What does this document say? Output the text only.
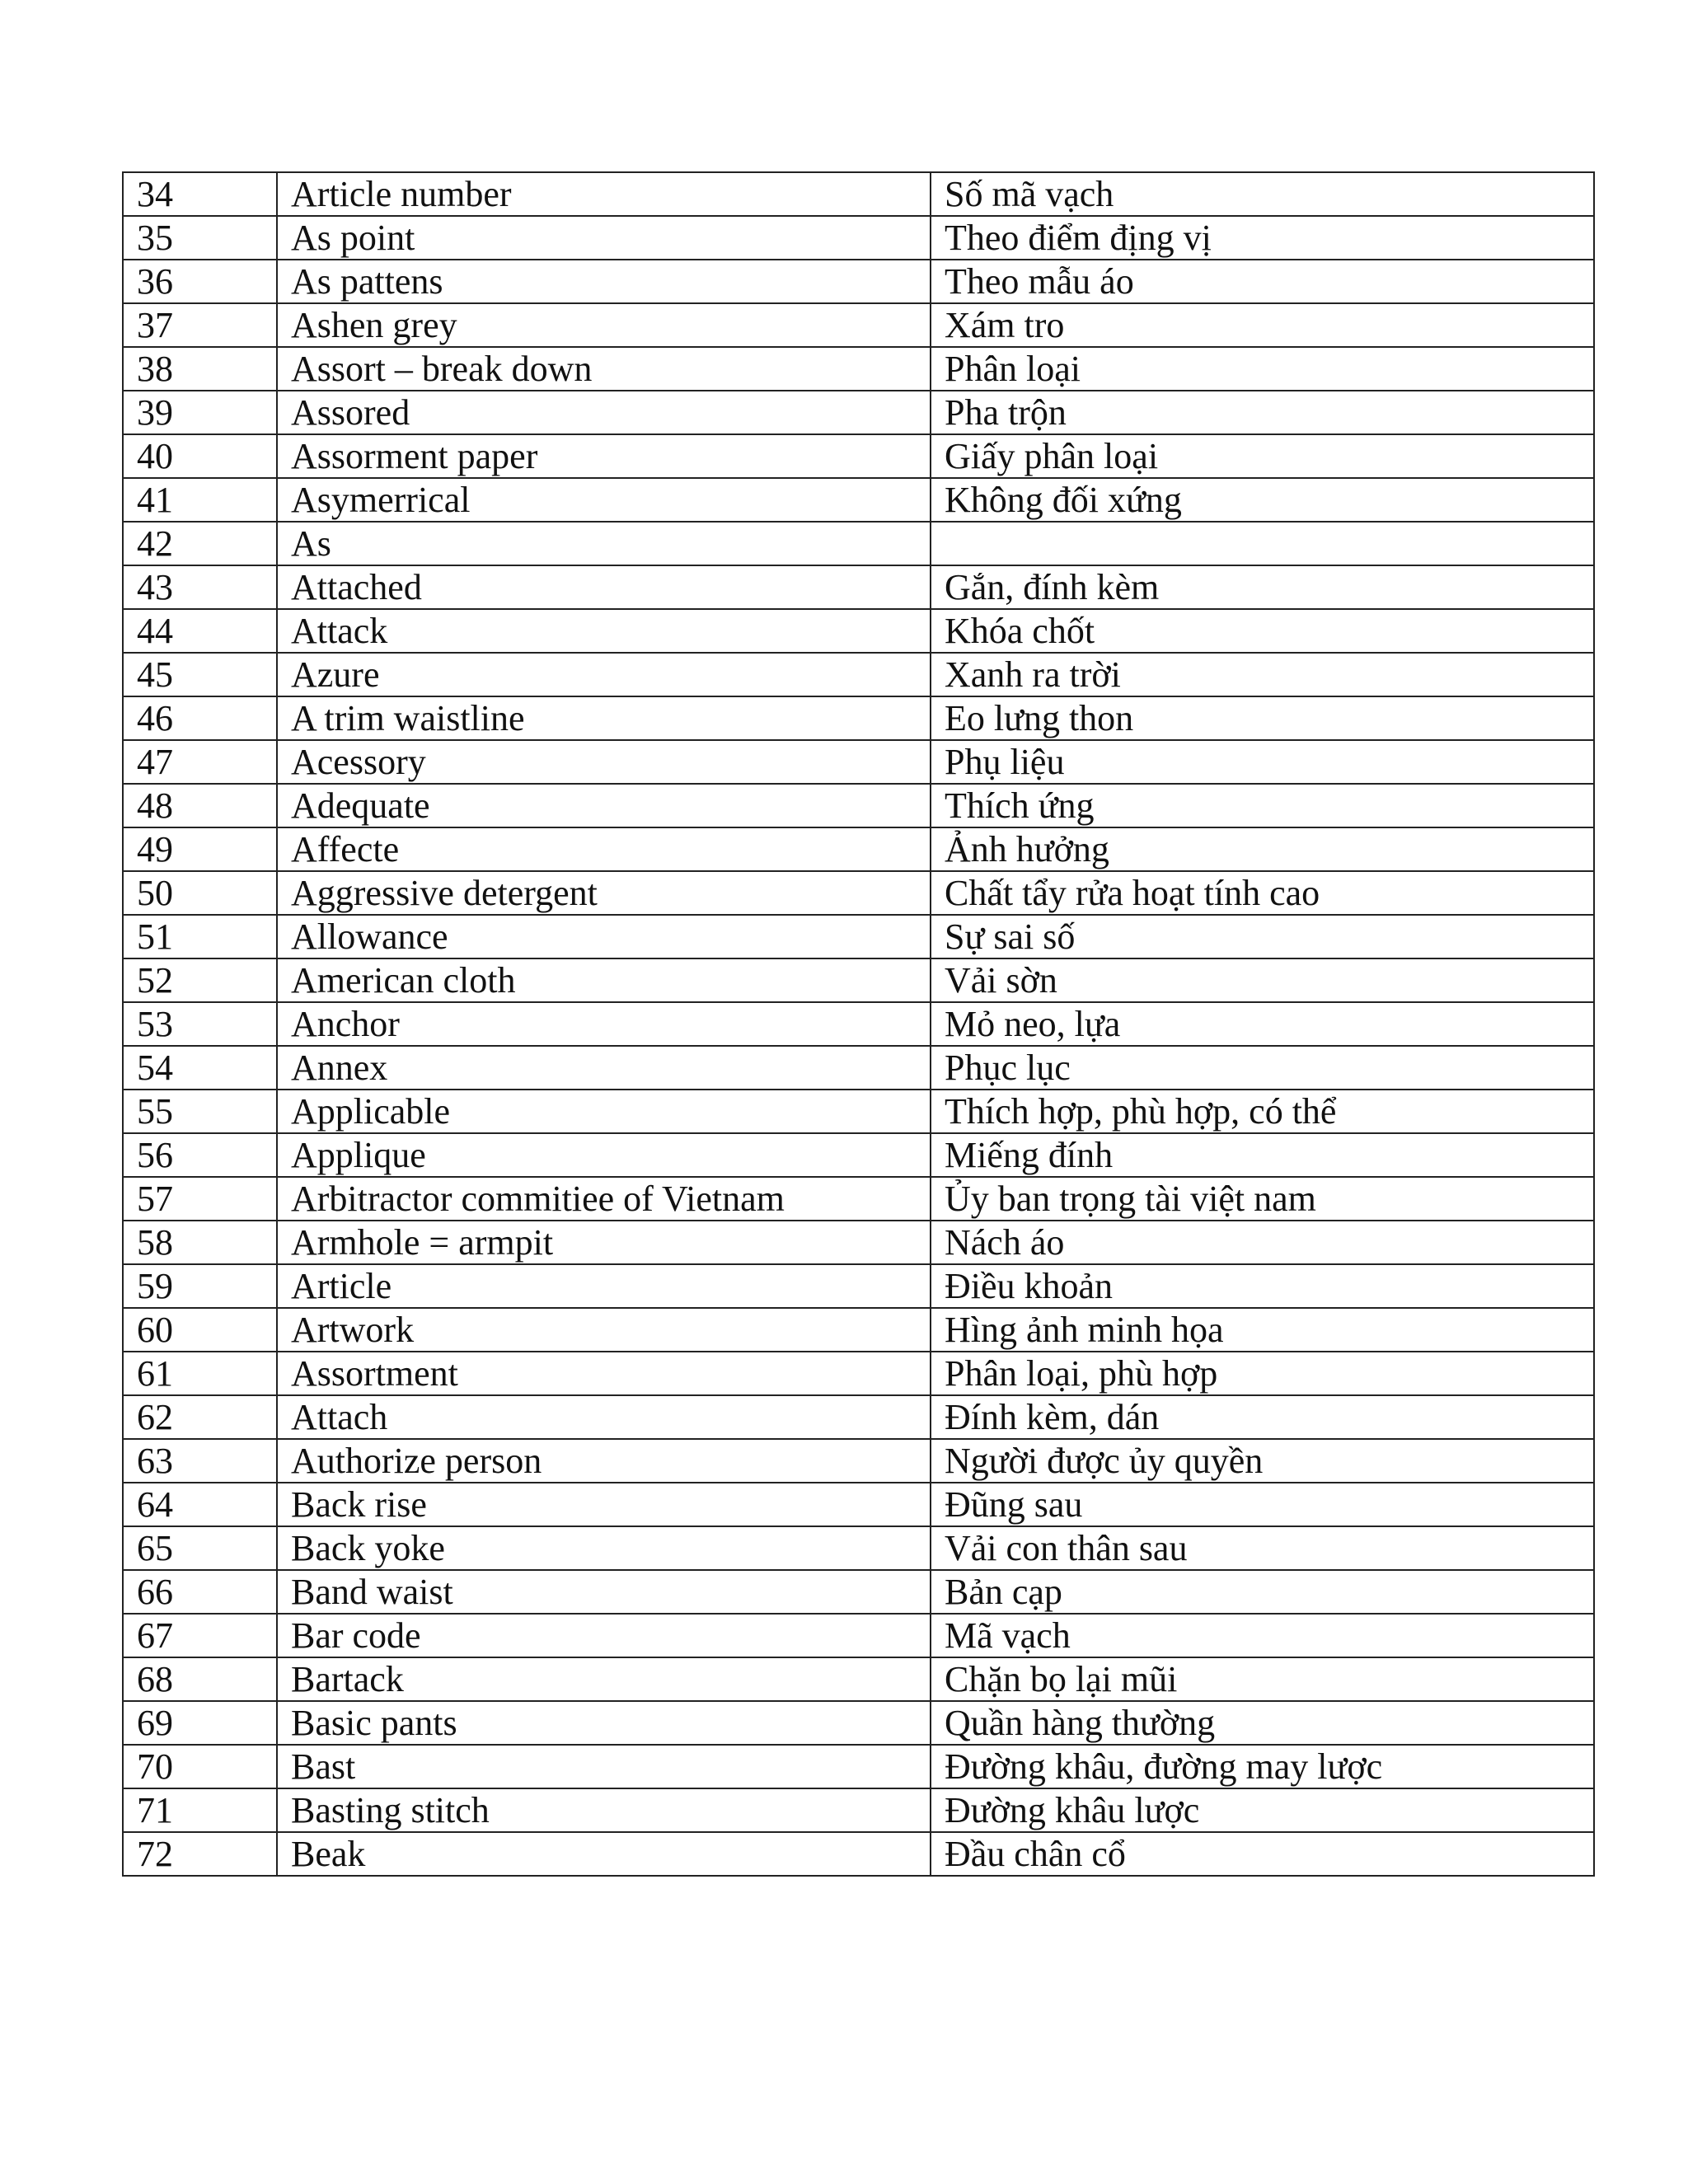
34	Article number	Số mã vạch
35	As point	Theo điểm địng vị
36	As pattens	Theo mẫu áo
37	Ashen grey	Xám tro
38	Assort – break down	Phân loại
39	Assored	Pha trộn
40	Assorment paper	Giấy phân loại
41	Asymerrical	Không đối xứng
42	As	
43	Attached	Gắn, đính kèm
44	Attack	Khóa chốt
45	Azure	Xanh ra trời
46	A trim waistline	Eo lưng thon
47	Acessory	Phụ liệu
48	Adequate	Thích ứng
49	Affecte	Ảnh hưởng
50	Aggressive detergent	Chất tẩy rửa hoạt tính cao
51	Allowance	Sự sai số
52	American cloth	Vải sờn
53	Anchor	Mỏ neo, lựa
54	Annex	Phục lục
55	Applicable	Thích hợp, phù hợp, có thể
56	Applique	Miếng đính
57	Arbitractor commitiee of Vietnam	Ủy ban trọng tài việt nam
58	Armhole = armpit	Nách áo
59	Article	Điều khoản
60	Artwork	Hìng ảnh minh họa
61	Assortment	Phân loại, phù hợp
62	Attach	Đính kèm, dán
63	Authorize person	Người được ủy quyền
64	Back rise	Đũng sau
65	Back yoke	Vải con thân sau
66	Band waist	Bản cạp
67	Bar code	Mã vạch
68	Bartack	Chặn bọ lại mũi
69	Basic pants	Quần hàng thường
70	Bast	Đường khâu, đường may lược
71	Basting stitch	Đường khâu lược
72	Beak	Đầu chân cổ
